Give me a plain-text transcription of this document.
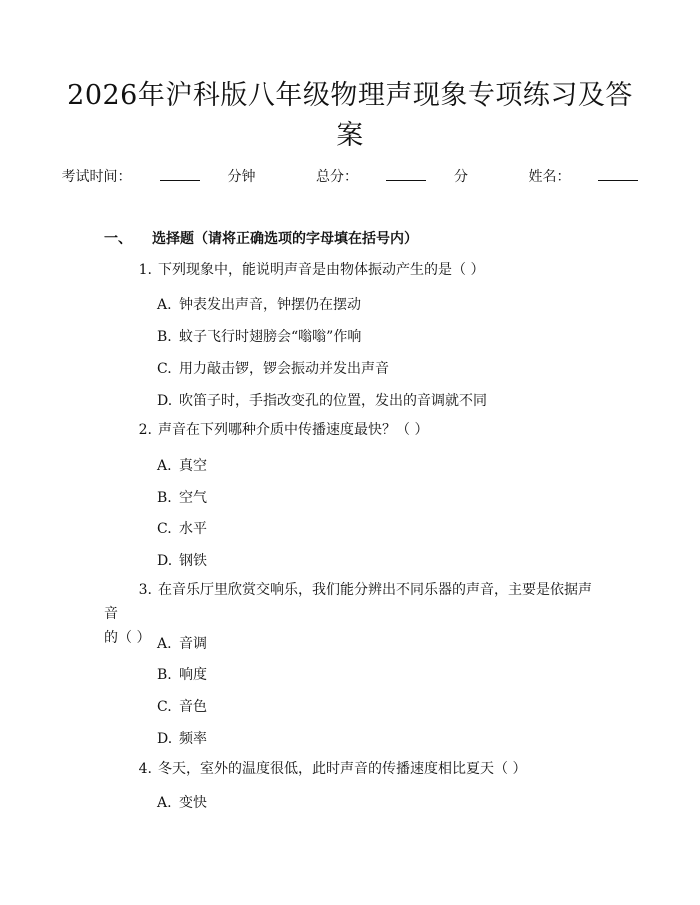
2026年沪科版八年级物理声现象专项练习及答案
考试时间：	分钟	总分：	分	姓名：
一、 选择题（请将正确选项的字母填在括号内）
1. 下列现象中，能说明声音是由物体振动产生的是（ ）
A. 钟表发出声音，钟摆仍在摆动
B. 蚊子飞行时翅膀会“嗡嗡”作响
C. 用力敲击锣，锣会振动并发出声音
D. 吹笛子时，手指改变孔的位置，发出的音调就不同
2. 声音在下列哪种介质中传播速度最快？（ ）
A. 真空
B. 空气
C. 水平
D. 钢铁
3. 在音乐厅里欣赏交响乐，我们能分辨出不同乐器的声音，主要是依据声音
的（ ） A. 音调
B. 响度
C. 音色
D. 频率
4. 冬天，室外的温度很低，此时声音的传播速度相比夏天（ ）
A. 变快
